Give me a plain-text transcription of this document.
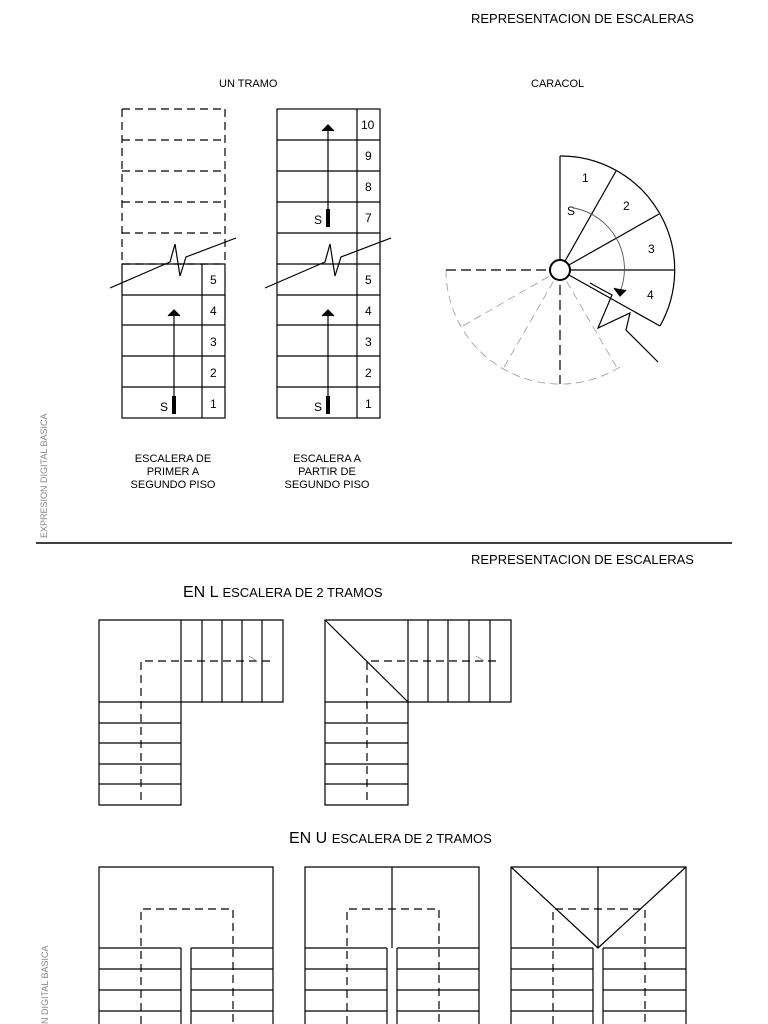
REPRESENTACION DE ESCALERAS
UN TRAMO	CARACOL
EXPRESION DIGITAL BASICA	ESCALERA DE
PRIMER A
SEGUNDO PISO
ESCALERA A
PARTIR DE
SEGUNDO PISO
REPRESENTACION DE ESCALERAS
EN L ESCALERA DE 2 TRAMOS
EN U ESCALERA DE 2 TRAMOS
N DIGITAL BASICA
S	1
2
3
4
5
S
S
1
2
3
4
5
7
8
9
10
S
1
2
3
4
